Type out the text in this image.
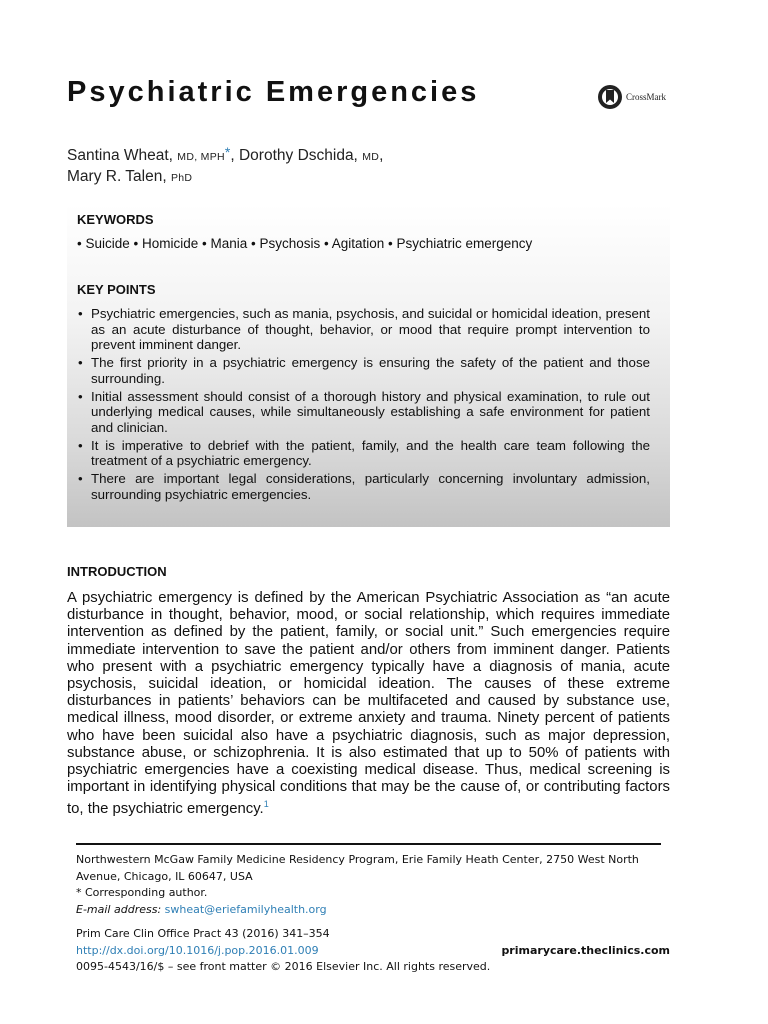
Psychiatric Emergencies	CrossMark
Santina Wheat, MD, MPH*, Dorothy Dschida, MD,
Mary R. Talen, PhD
KEYWORDS
• Suicide • Homicide • Mania • Psychosis • Agitation • Psychiatric emergency
KEY POINTS
• Psychiatric emergencies, such as mania, psychosis, and suicidal or homicidal ideation, present as an acute disturbance of thought, behavior, or mood that require prompt intervention to prevent imminent danger.
• The first priority in a psychiatric emergency is ensuring the safety of the patient and those surrounding.
• Initial assessment should consist of a thorough history and physical examination, to rule out underlying medical causes, while simultaneously establishing a safe environment for patient and clinician.
• It is imperative to debrief with the patient, family, and the health care team following the treatment of a psychiatric emergency.
• There are important legal considerations, particularly concerning involuntary admission, surrounding psychiatric emergencies.
INTRODUCTION
A psychiatric emergency is defined by the American Psychiatric Association as “an acute disturbance in thought, behavior, mood, or social relationship, which requires immediate intervention as defined by the patient, family, or social unit.” Such emergencies require immediate intervention to save the patient and/or others from imminent danger. Patients who present with a psychiatric emergency typically have a diagnosis of mania, acute psychosis, suicidal ideation, or homicidal ideation. The causes of these extreme disturbances in patients’ behaviors can be multifaceted and caused by substance use, medical illness, mood disorder, or extreme anxiety and trauma. Ninety percent of patients who have been suicidal also have a psychiatric diagnosis, such as major depression, substance abuse, or schizophrenia. It is also estimated that up to 50% of patients with psychiatric emergencies have a coexisting medical disease. Thus, medical screening is important in identifying physical conditions that may be the cause of, or contributing factors to, the psychiatric emergency.$^1$
Northwestern McGaw Family Medicine Residency Program, Erie Family Heath Center, 2750 West North Avenue, Chicago, IL 60647, USA
* Corresponding author.
E-mail address: swheat@eriefamilyhealth.org
Prim Care Clin Office Pract 43 (2016) 341–354
http://dx.doi.org/10.1016/j.pop.2016.01.009	primarycare.theclinics.com
0095-4543/16/$ – see front matter © 2016 Elsevier Inc. All rights reserved.
